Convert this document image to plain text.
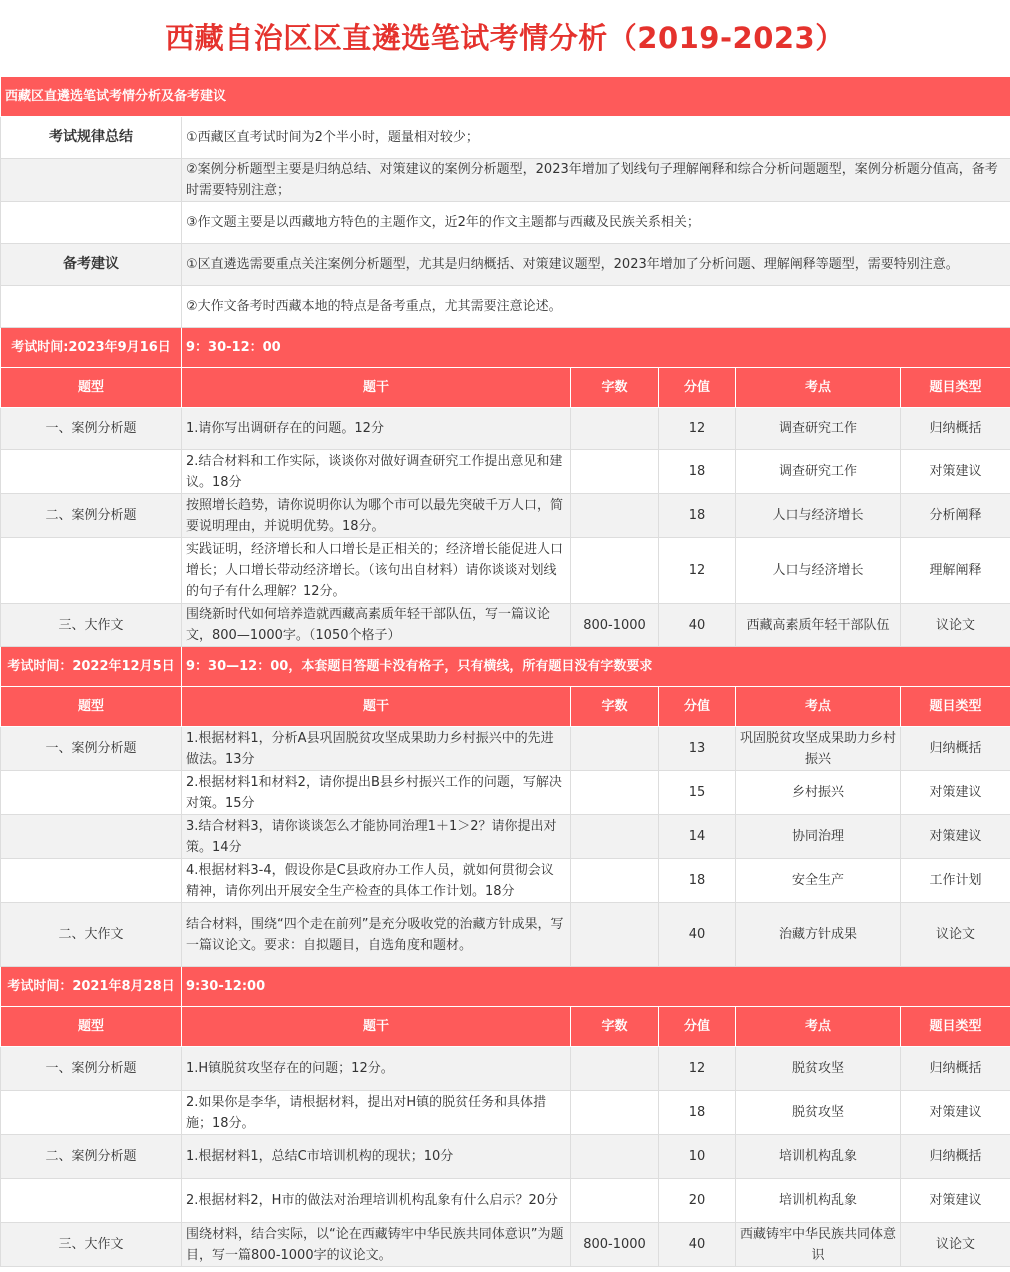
西藏自治区区直遴选笔试考情分析（2019-2023）
西藏区直遴选笔试考情分析及备考建议					
考试规律总结	①西藏区直考试时间为2个半小时，题量相对较少；				
	②案例分析题型主要是归纳总结、对策建议的案例分析题型，2023年增加了划线句子理解阐释和综合分析问题题型，案例分析题分值高，备考时需要特别注意；				
	③作文题主要是以西藏地方特色的主题作文，近2年的作文主题都与西藏及民族关系相关；				
备考建议	①区直遴选需要重点关注案例分析题型，尤其是归纳概括、对策建议题型，2023年增加了分析问题、理解阐释等题型，需要特别注意。				
	②大作文备考时西藏本地的特点是备考重点，尤其需要注意论述。				
考试时间:2023年9月16日	9：30-12：00				
题型	题干	字数	分值	考点	题目类型
一、案例分析题	1.请你写出调研存在的问题。12分		12	调查研究工作	归纳概括
	2.结合材料和工作实际，谈谈你对做好调查研究工作提出意见和建议。18分		18	调查研究工作	对策建议
二、案例分析题	按照增长趋势，请你说明你认为哪个市可以最先突破千万人口，简要说明理由，并说明优势。18分。		18	人口与经济增长	分析阐释
	实践证明，经济增长和人口增长是正相关的；经济增长能促进人口增长；人口增长带动经济增长。（该句出自材料）请你谈谈对划线的句子有什么理解？12分。		12	人口与经济增长	理解阐释
三、大作文	围绕新时代如何培养造就西藏高素质年轻干部队伍，写一篇议论文，800—1000字。（1050个格子）	800-1000	40	西藏高素质年轻干部队伍	议论文
考试时间：2022年12月5日	9：30—12：00，本套题目答题卡没有格子，只有横线，所有题目没有字数要求				
题型	题干	字数	分值	考点	题目类型
一、案例分析题	1.根据材料1，分析A县巩固脱贫攻坚成果助力乡村振兴中的先进做法。13分		13	巩固脱贫攻坚成果助力乡村振兴	归纳概括
	2.根据材料1和材料2，请你提出B县乡村振兴工作的问题，写解决对策。15分		15	乡村振兴	对策建议
	3.结合材料3，请你谈谈怎么才能协同治理1＋1＞2？请你提出对策。14分		14	协同治理	对策建议
	4.根据材料3-4，假设你是C县政府办工作人员，就如何贯彻会议精神，请你列出开展安全生产检查的具体工作计划。18分		18	安全生产	工作计划
二、大作文	结合材料，围绕“四个走在前列”是充分吸收党的治藏方针成果，写一篇议论文。要求：自拟题目，自选角度和题材。		40	治藏方针成果	议论文
考试时间：2021年8月28日	9:30-12:00				
题型	题干	字数	分值	考点	题目类型
一、案例分析题	1.H镇脱贫攻坚存在的问题；12分。		12	脱贫攻坚	归纳概括
	2.如果你是李华，请根据材料，提出对H镇的脱贫任务和具体措施；18分。		18	脱贫攻坚	对策建议
二、案例分析题	1.根据材料1，总结C市培训机构的现状；10分		10	培训机构乱象	归纳概括
	2.根据材料2，H市的做法对治理培训机构乱象有什么启示？20分		20	培训机构乱象	对策建议
三、大作文	围绕材料，结合实际，以“论在西藏铸牢中华民族共同体意识”为题目，写一篇800-1000字的议论文。	800-1000	40	西藏铸牢中华民族共同体意识	议论文
